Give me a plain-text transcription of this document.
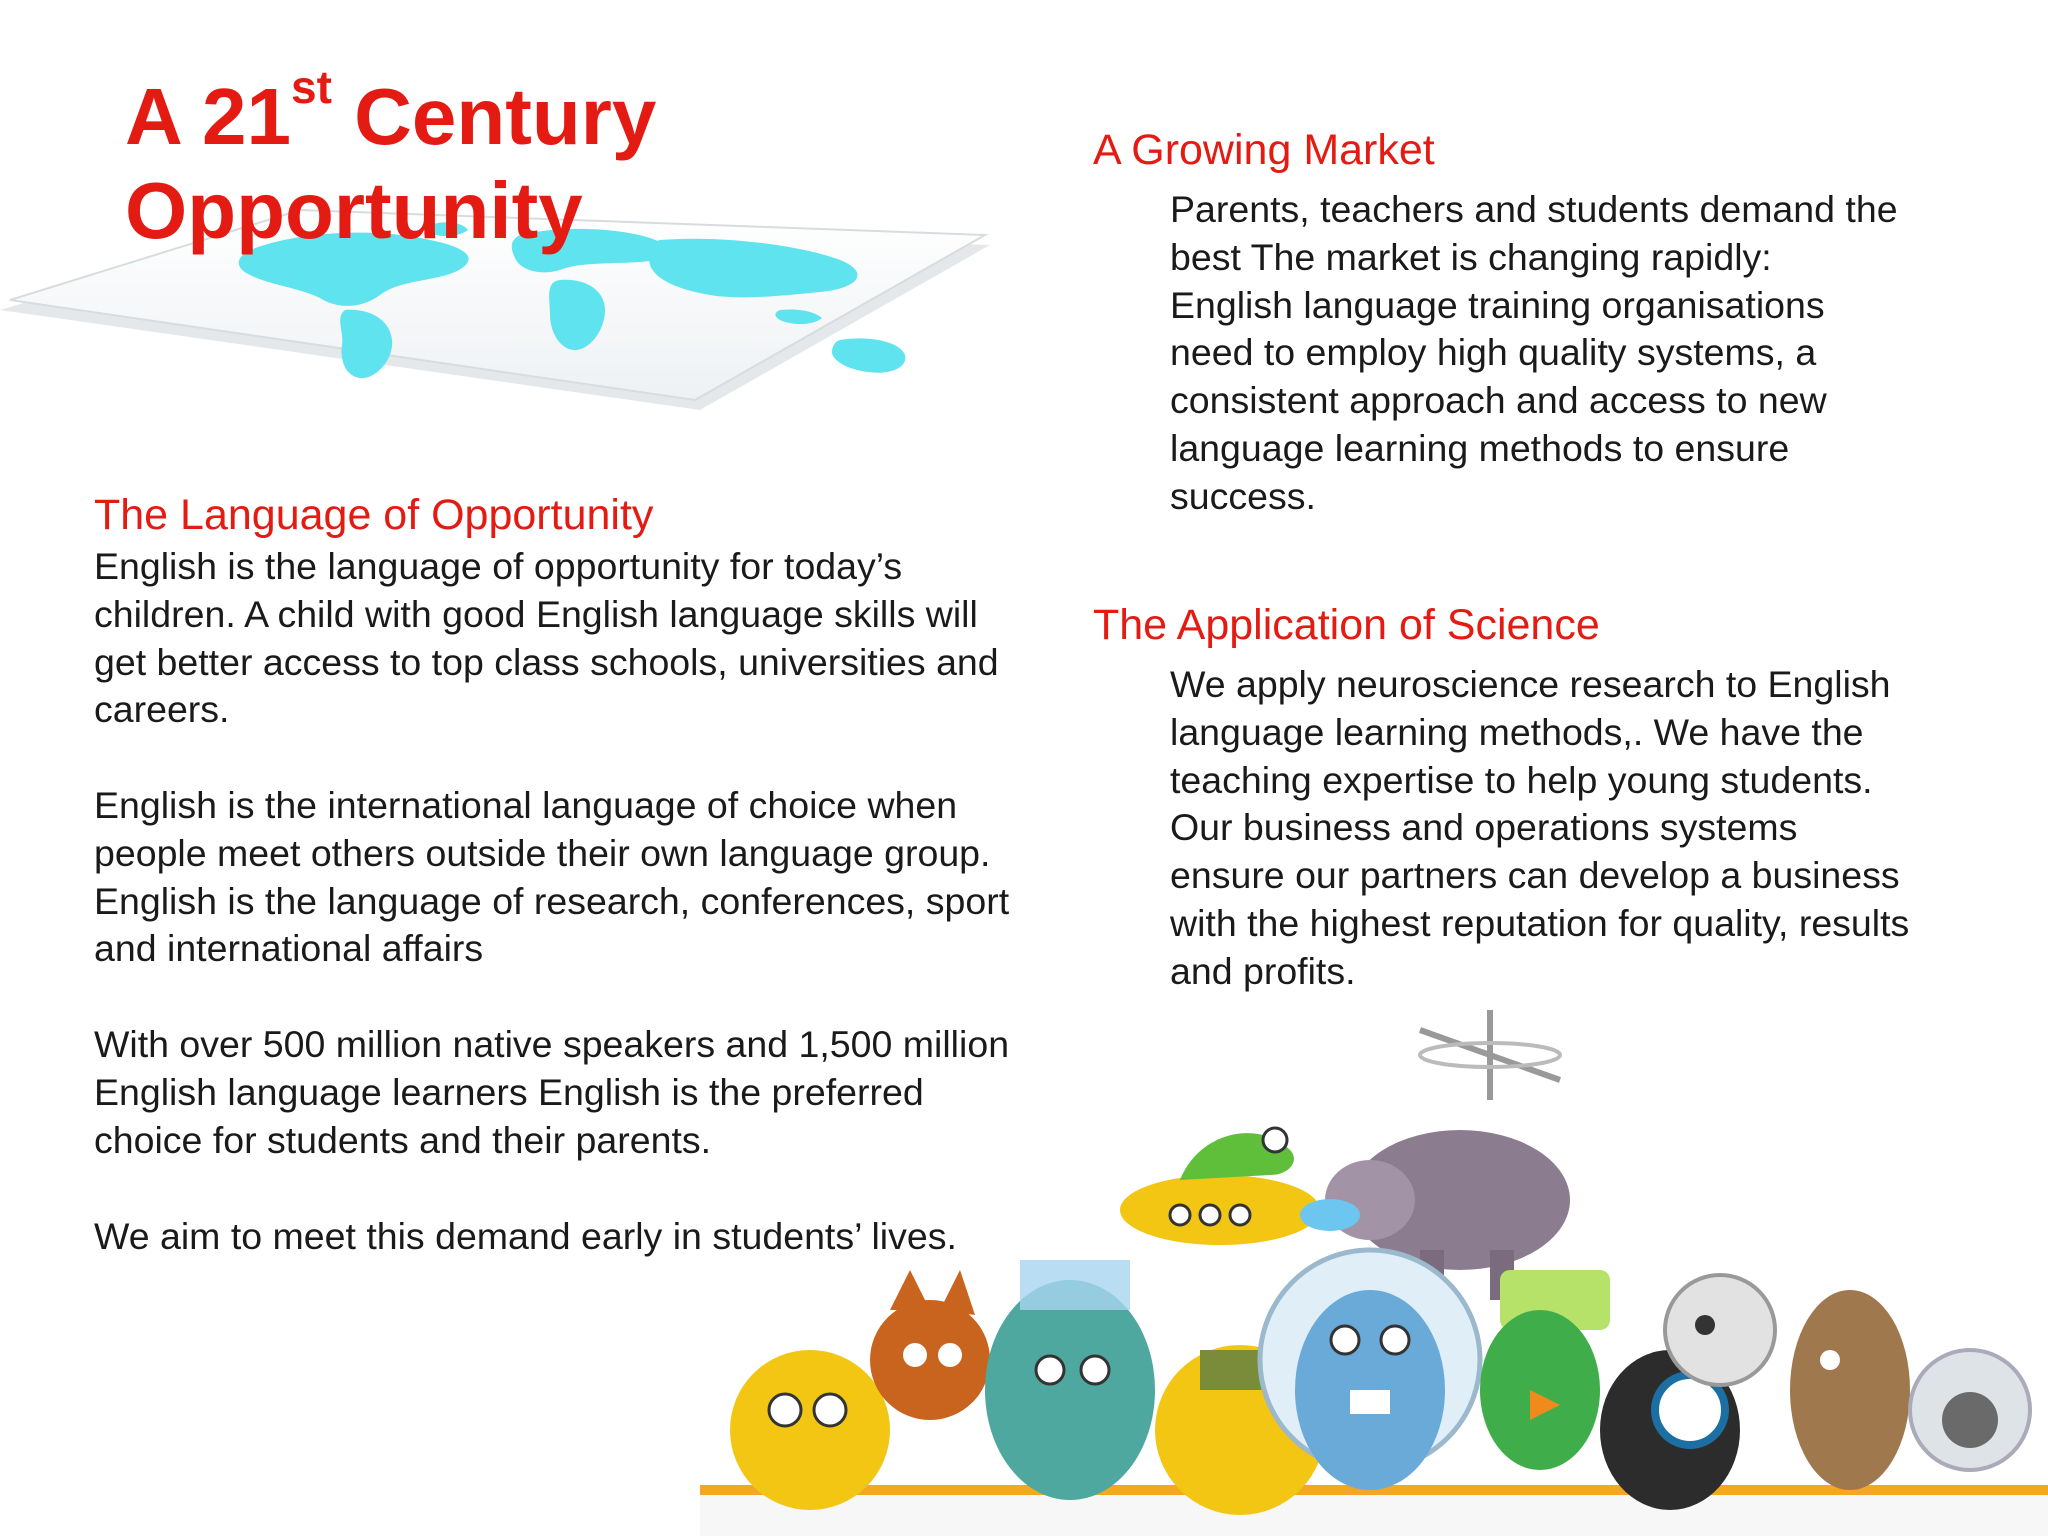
A 21st Century
Opportunity
The Language of Opportunity

English is the language of opportunity for today’s
children. A child with good English language skills will
get better access to top class schools, universities and
careers.

English is the international language of choice when
people meet others outside their own language group.
English is the language of research, conferences, sport
and international affairs

With over 500 million native speakers and 1,500 million
English language learners English is the preferred
choice for students and their parents.

We aim to meet this demand early in students’ lives.

A Growing Market

Parents, teachers and students demand the
best The market is changing rapidly:
English language training organisations
need to employ high quality systems, a
consistent approach and access to new
language learning methods to ensure
success.

The Application of Science

We apply neuroscience research to English
language learning methods,. We have the
teaching expertise to help young students.
Our business and operations systems
ensure our partners can develop a business
with the highest reputation for quality, results
and profits.
